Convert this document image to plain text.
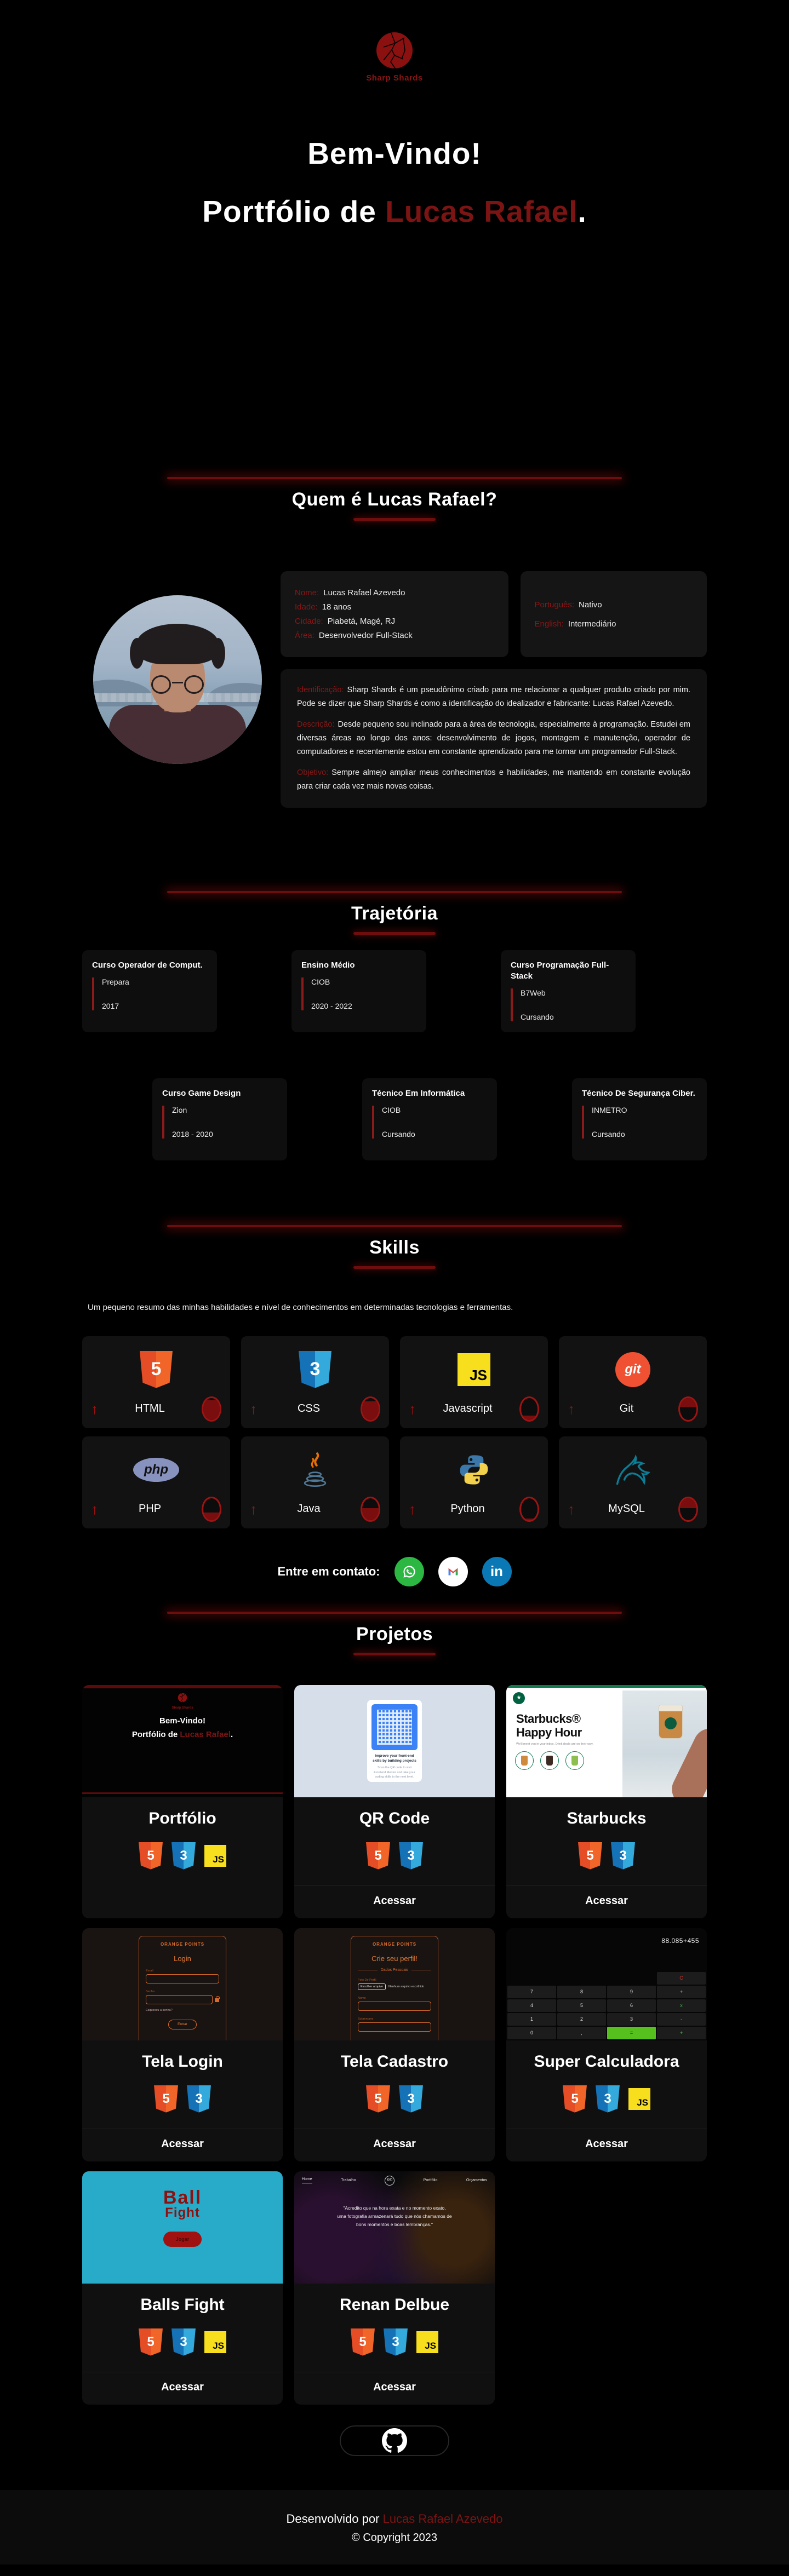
Sharp Shards
Bem-Vindo!
Portfólio de Lucas Rafael.
Quem é Lucas Rafael?
Nome: Lucas Rafael Azevedo
Idade: 18 anos
Cidade: Piabetá, Magé, RJ
Área: Desenvolvedor Full-Stack
Português: Nativo
English: Intermediário

Identificação: Sharp Shards é um pseudônimo criado para me relacionar a qualquer produto criado por mim. Pode se dizer que Sharp Shards é como a identificação do idealizador e fabricante: Lucas Rafael Azevedo.

Descrição: Desde pequeno sou inclinado para a área de tecnologia, especialmente à programação. Estudei em diversas áreas ao longo dos anos: desenvolvimento de jogos, montagem e manutenção, operador de computadores e recentemente estou em constante aprendizado para me tornar um programador Full-Stack.

Objetivo: Sempre almejo ampliar meus conhecimentos e habilidades, me mantendo em constante evolução para criar cada vez mais novas coisas.

Trajetória
Curso Operador de Comput.
Prepara
2017
Ensino Médio
CIOB
2020 - 2022
Curso Programação Full-Stack
B7Web
Cursando
Curso Game Design
Zion
2018 - 2020
Técnico Em Informática
CIOB
Cursando
Técnico De Segurança Ciber.
INMETRO
Cursando
Skills

Um pequeno resumo das minhas habilidades e nível de conhecimentos em determinadas tecnologias e ferramentas.

5
↑	HTML
3
↑	CSS
JS
↑	Javascript
git
↑	Git
php
↑	PHP	↑	Java	↑	Python	↑	MySQL
Entre em contato:	in
Projetos
Sharp Shards
Bem-Vindo!
Portfólio de Lucas Rafael.
Portfólio
5	3	JS
Improve your front-end skills by building projects
Scan the QR code to visit Frontend Mentor and take your coding skills to the next level.
QR Code
5	3
Acessar
★
Starbucks®
Happy Hour
We'll meet you in your inbox. Drink deals are on their way.
Starbucks
5	3
Acessar
ORANGE POINTS
Login
Email
Senha
Esqueceu a senha?
Entrar
Tela Login
5	3
Acessar
ORANGE POINTS
Crie seu perfil!
Dados Pessoais
Foto De Perfil
Escolher arquivo	Nenhum arquivo escolhido
Nome
Sobrenome
Tela Cadastro
5	3
Acessar
88.085+455
C
7	8	9	+
4	5	6	x
1	2	3	-
0	,	=	+
Super Calculadora
5	3	JS
Acessar
Ball
Fight
Jogar
Balls Fight
5	3	JS
Acessar
Home	Trabalho	RD	Portfólio	Orçamentos
"Acredito que na hora exata e no momento exato,
uma fotografia armazenará tudo que nós chamamos de
bons momentos e boas lembranças."
Renan Delbue
5	3	JS
Acessar
Desenvolvido por Lucas Rafael Azevedo
© Copyright 2023
